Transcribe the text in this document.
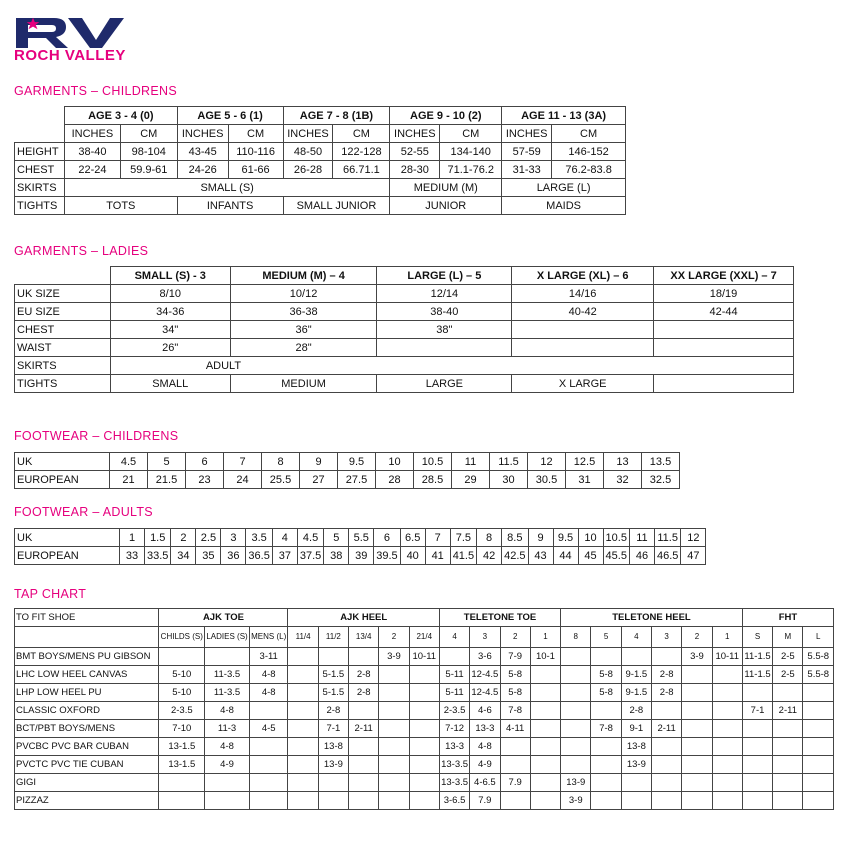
ROCH VALLEY
GARMENTS – CHILDRENS
	AGE 3 - 4 (0)		AGE 5 - 6 (1)		AGE 7 - 8 (1B)		AGE 9 - 10 (2)		AGE 11 - 13 (3A)	
	INCHES	CM	INCHES	CM	INCHES	CM	INCHES	CM	INCHES	CM
HEIGHT	38-40	98-104	43-45	110-116	48-50	122-128	52-55	134-140	57-59	146-152
CHEST	22-24	59.9-61	24-26	61-66	26-28	66.71.1	28-30	71.1-76.2	31-33	76.2-83.8
SKIRTS	SMALL (S)						MEDIUM (M)		LARGE (L)	
TIGHTS	TOTS		INFANTS		SMALL JUNIOR		JUNIOR		MAIDS	
GARMENTS – LADIES
	SMALL (S) - 3	MEDIUM (M) – 4	LARGE (L) – 5	X LARGE (XL) – 6	XX LARGE (XXL) – 7
UK SIZE	8/10	10/12	12/14	14/16	18/19
EU SIZE	34-36	36-38	38-40	40-42	42-44
CHEST	34"	36"	38"		
WAIST	26"	28"			
SKIRTS	ADULT				
TIGHTS	SMALL	MEDIUM	LARGE	X LARGE	
FOOTWEAR – CHILDRENS
UK	4.5	5	6	7	8	9	9.5	10	10.5	11	11.5	12	12.5	13	13.5
EUROPEAN	21	21.5	23	24	25.5	27	27.5	28	28.5	29	30	30.5	31	32	32.5
FOOTWEAR – ADULTS
UK	1	1.5	2	2.5	3	3.5	4	4.5	5	5.5	6	6.5	7	7.5	8	8.5	9	9.5	10	10.5	11	11.5	12
EUROPEAN	33	33.5	34	35	36	36.5	37	37.5	38	39	39.5	40	41	41.5	42	42.5	43	44	45	45.5	46	46.5	47
TAP CHART
TO FIT SHOE	AJK TOE			AJK HEEL					TELETONE TOE				TELETONE HEEL						FHT		
	CHILDS (S)	LADIES (S)	MENS (L)	11/4	11/2	13/4	2	21/4	4	3	2	1	8	5	4	3	2	1	S	M	L
BMT BOYS/MENS PU GIBSON			3-11				3-9	10-11		3-6	7-9	10-1					3-9	10-11	11-1.5	2-5	5.5-8
LHC LOW HEEL CANVAS	5-10	11-3.5	4-8		5-1.5	2-8			5-11	12-4.5	5-8			5-8	9-1.5	2-8			11-1.5	2-5	5.5-8
LHP LOW HEEL PU	5-10	11-3.5	4-8		5-1.5	2-8			5-11	12-4.5	5-8			5-8	9-1.5	2-8					
CLASSIC OXFORD	2-3.5	4-8			2-8				2-3.5	4-6	7-8				2-8				7-1	2-11	
BCT/PBT BOYS/MENS	7-10	11-3	4-5		7-1	2-11			7-12	13-3	4-11			7-8	9-1	2-11					
PVCBC PVC BAR CUBAN	13-1.5	4-8			13-8				13-3	4-8					13-8						
PVCTC PVC TIE CUBAN	13-1.5	4-9			13-9				13-3.5	4-9					13-9						
GIGI									13-3.5	4-6.5	7.9		13-9								
PIZZAZ									3-6.5	7.9			3-9								
